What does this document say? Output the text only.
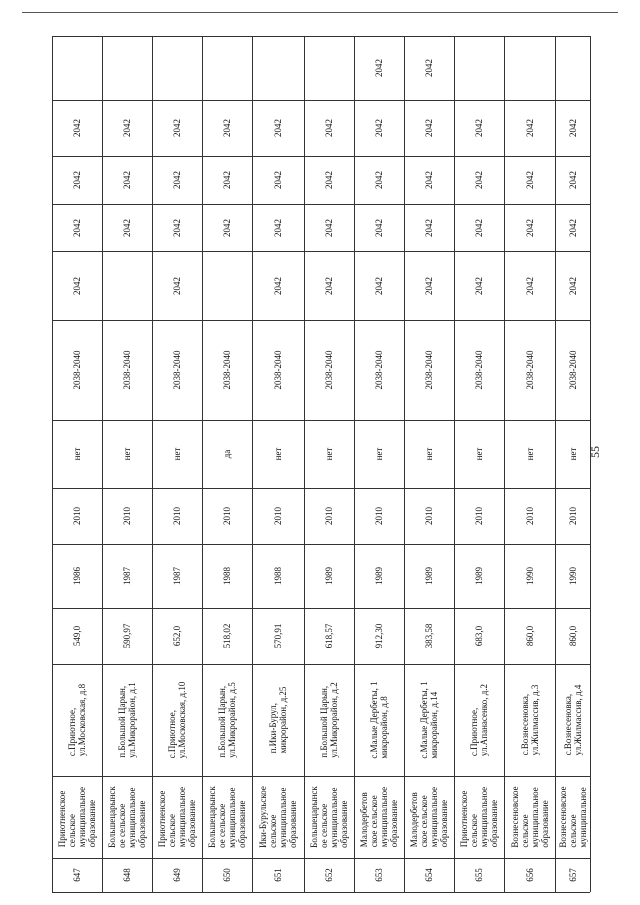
647
Приютненское
сельское
муниципальное
образование
с.Приютное,
ул.Московская, д.8
549,0
1986
2010
нет
2038-2040
2042
2042
2042
2042
648
Большецарынск
ое сельское
муниципальное
образование
п.Большой Царын,
ул.Микрорайон, д.1
590,97
1987
2010
нет
2038-2040
2042
2042
2042
649
Приютненское
сельское
муниципальное
образование
с.Приютное,
ул.Московская, д.10
652,0
1987
2010
нет
2038-2040
2042
2042
2042
2042
650
Большецарынск
ое сельское
муниципальное
образование
п.Большой Царын,
ул.Микрорайон, д.5
518,02
1988
2010
да
2038-2040
2042
2042
2042
651
Ики-Бурульское
сельское
муниципальное
образование
п.Ики-Бурул,
микрорайон, д.25
570,91
1988
2010
нет
2038-2040
2042
2042
2042
2042
652
Большецарынск
ое сельское
муниципальное
образование
п.Большой Царын,
ул.Микрорайон, д.2
618,57
1989
2010
нет
2038-2040
2042
2042
2042
2042
653
Малодербетов
ское сельское
муниципальное
образование
с.Малые Дербеты, 1
микрорайон, д.8
912,30
1989
2010
нет
2038-2040
2042
2042
2042
2042
2042
654
Малодербетов
ское сельское
муниципальное
образование
с.Малые Дербеты, 1
микрорайон, д.14
383,58
1989
2010
нет
2038-2040
2042
2042
2042
2042
2042
655
Приютненское
сельское
муниципальное
образование
с.Приютное,
ул.Апанасенко, д.2
683,0
1989
2010
нет
2038-2040
2042
2042
2042
2042
656
Вознесеновское
сельское
муниципальное
образование
с.Вознесеновка,
ул.Жилмассив, д.3
860,0
1990
2010
нет
2038-2040
2042
2042
2042
2042
657
Вознесеновское
сельское
муниципальное
с.Вознесеновка,
ул.Жилмассив, д.4
860,0
1990
2010
нет
2038-2040
2042
2042
2042
2042
55
